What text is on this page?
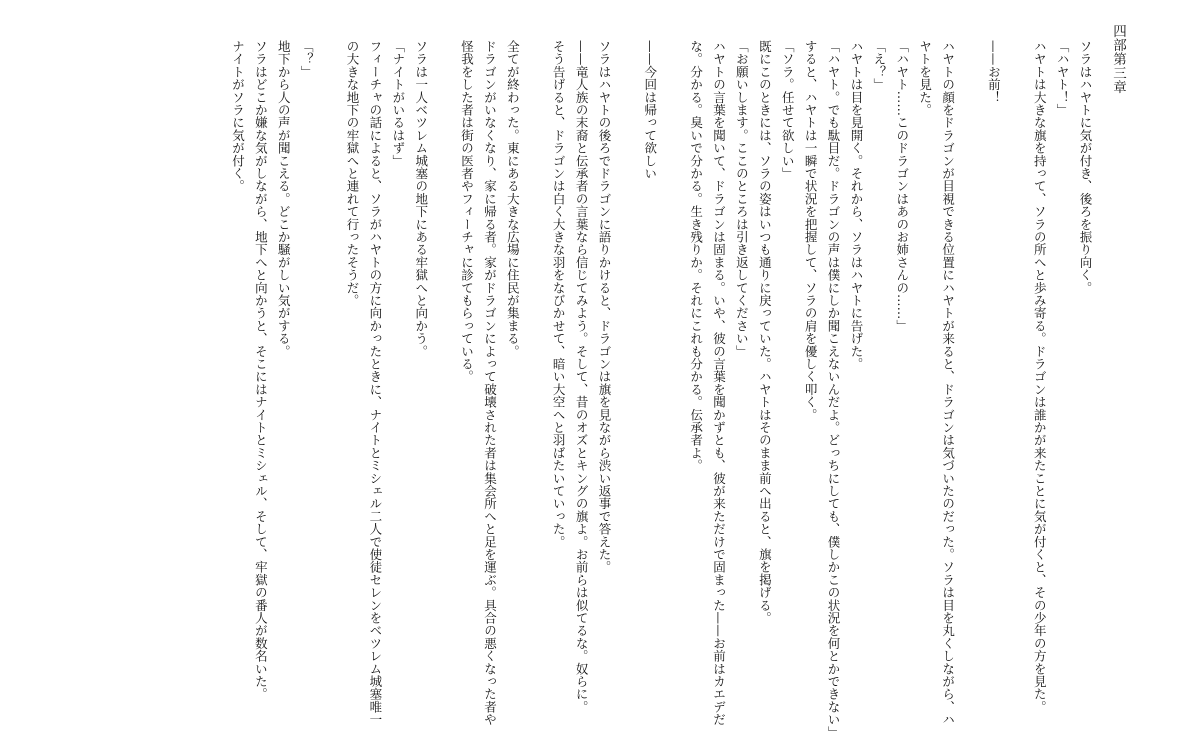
四部第三章
ソラはハヤトに気が付き、後ろを振り向く。
「ハヤト！」
ハヤトは大きな旗を持って、ソラの所へと歩み寄る。ドラゴンは誰かが来たことに気が付くと、その少年の方を見た。
——お前！
ハヤトの顔をドラゴンが目視できる位置にハヤトが来ると、ドラゴンは気づいたのだった。ソラは目を丸くしながら、ハ
ヤトを見た。
「ハヤト……このドラゴンはあのお姉さんの……」
「え？」
ハヤトは目を見開く。それから、ソラはハヤトに告げた。
「ハヤト。でも駄目だ。ドラゴンの声は僕にしか聞こえないんだよ。どっちにしても、僕しかこの状況を何とかできない」
すると、ハヤトは一瞬で状況を把握して、ソラの肩を優しく叩く。
「ソラ。任せて欲しい」
既にこのときには、ソラの姿はいつも通りに戻っていた。ハヤトはそのまま前へ出ると、旗を掲げる。
「お願いします。ここのところは引き返してください」
ハヤトの言葉を聞いて、ドラゴンは固まる。いや、彼の言葉を聞かずとも、彼が来ただけで固まった——お前はカエデだ
な。分かる。臭いで分かる。生き残りか。それにこれも分かる。伝承者よ。
——今回は帰って欲しい
ソラはハヤトの後ろでドラゴンに語りかけると、ドラゴンは旗を見ながら渋い返事で答えた。
——竜人族の末裔と伝承者の言葉なら信じてみよう。そして、昔のオズとキングの旗よ。お前らは似てるな。奴らに。
そう告げると、ドラゴンは白く大きな羽をなびかせて、暗い大空へと羽ばたいていった。
全てが終わった。東にある大きな広場に住民が集まる。
ドラゴンがいなくなり、家に帰る者。家がドラゴンによって破壊された者は集会所へと足を運ぶ。具合の悪くなった者や
怪我をした者は街の医者やフィーチャに診てもらっている。
ソラは一人ベツレム城塞の地下にある牢獄へと向かう。
「ナイトがいるはず」
フィーチャの話によると、ソラがハヤトの方に向かったときに、ナイトとミシェル二人で使徒セレンをベツレム城塞唯一
の大きな地下の牢獄へと連れて行ったそうだ。
「？」
地下から人の声が聞こえる。どこか騒がしい気がする。
ソラはどこか嫌な気がしながら、地下へと向かうと、そこにはナイトとミシェル、そして、牢獄の番人が数名いた。
ナイトがソラに気が付く。
